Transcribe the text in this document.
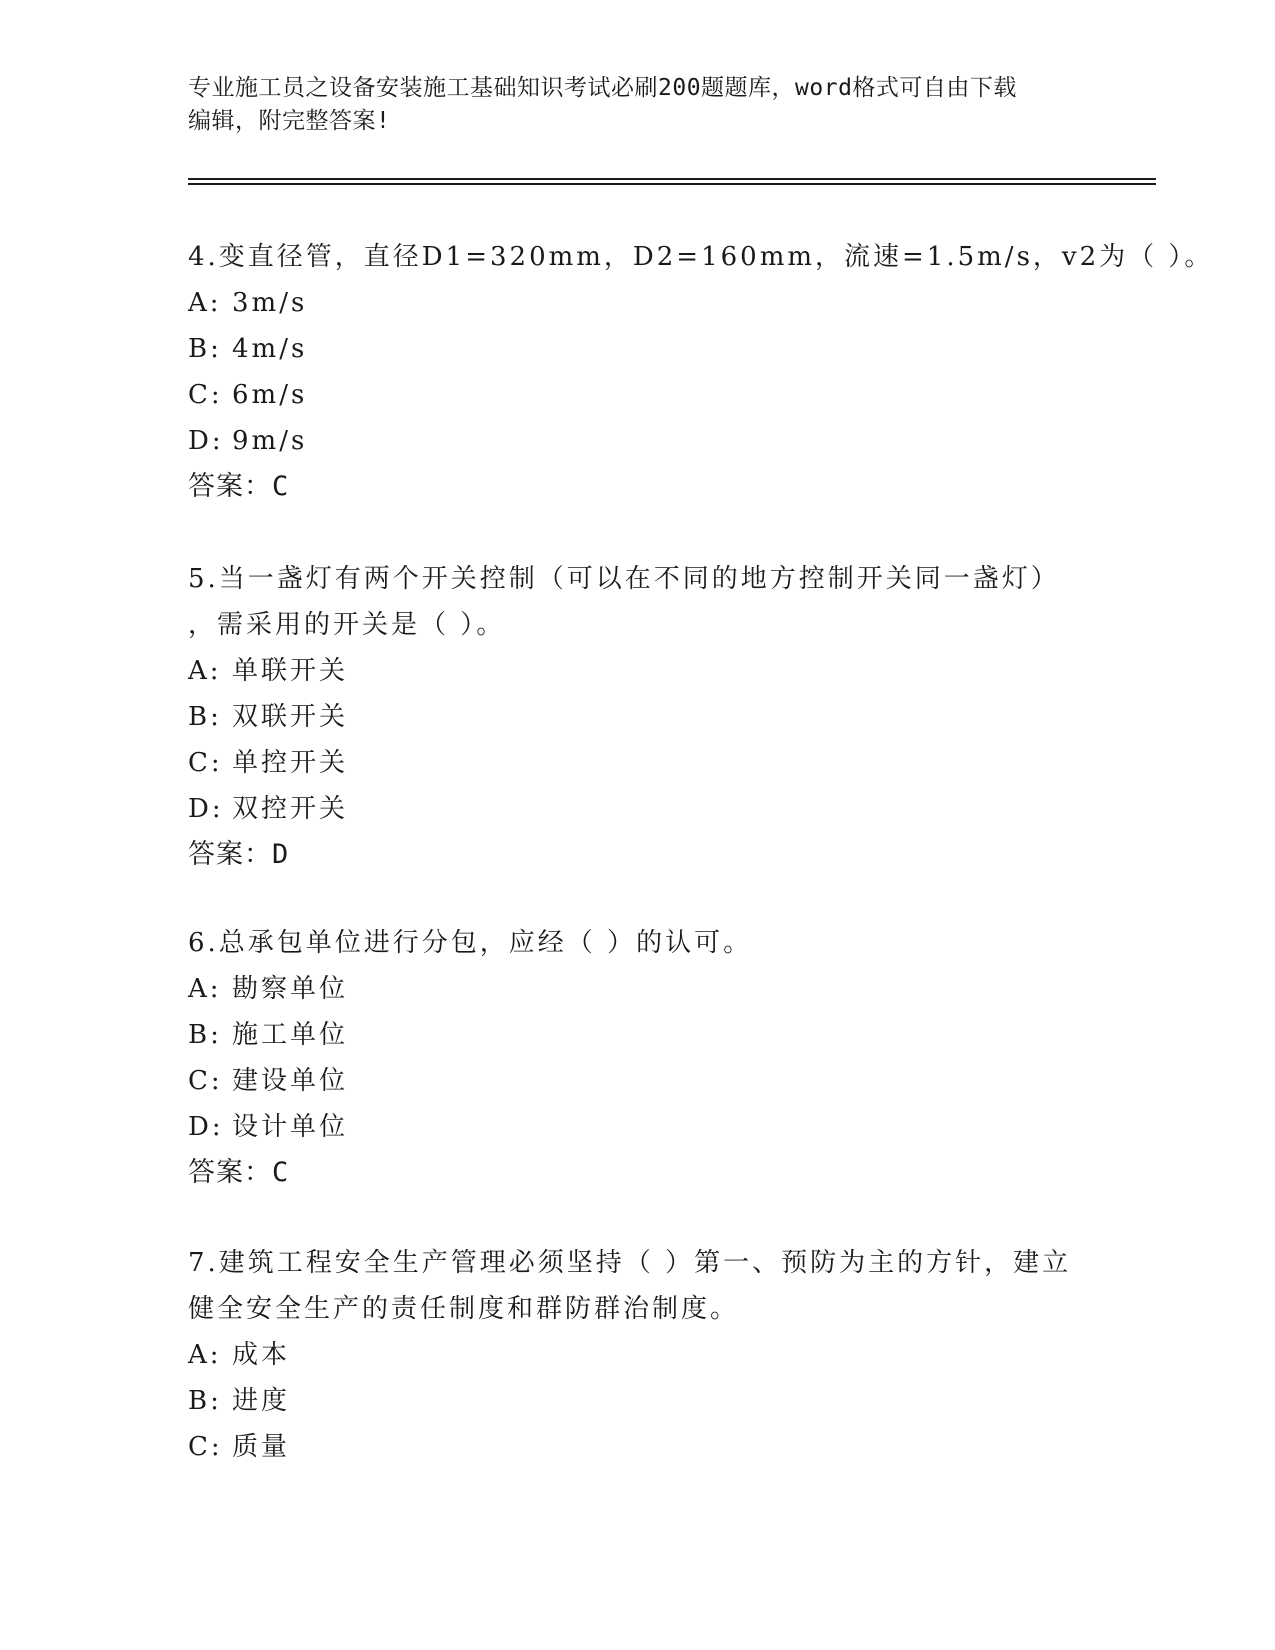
专业施工员之设备安装施工基础知识考试必刷200题题库，word格式可自由下载
编辑，附完整答案!
4.变直径管，直径D1=320mm，D2=160mm，流速=1.5m/s，v2为（ ）。
A: 3m/s
B: 4m/s
C: 6m/s
D: 9m/s
答案：C
5.当一盏灯有两个开关控制（可以在不同的地方控制开关同一盏灯）
，需采用的开关是（ ）。
A: 单联开关
B: 双联开关
C: 单控开关
D: 双控开关
答案：D
6.总承包单位进行分包，应经（ ）的认可。
A: 勘察单位
B: 施工单位
C: 建设单位
D: 设计单位
答案：C
7.建筑工程安全生产管理必须坚持（ ）第一、预防为主的方针，建立
健全安全生产的责任制度和群防群治制度。
A: 成本
B: 进度
C: 质量
